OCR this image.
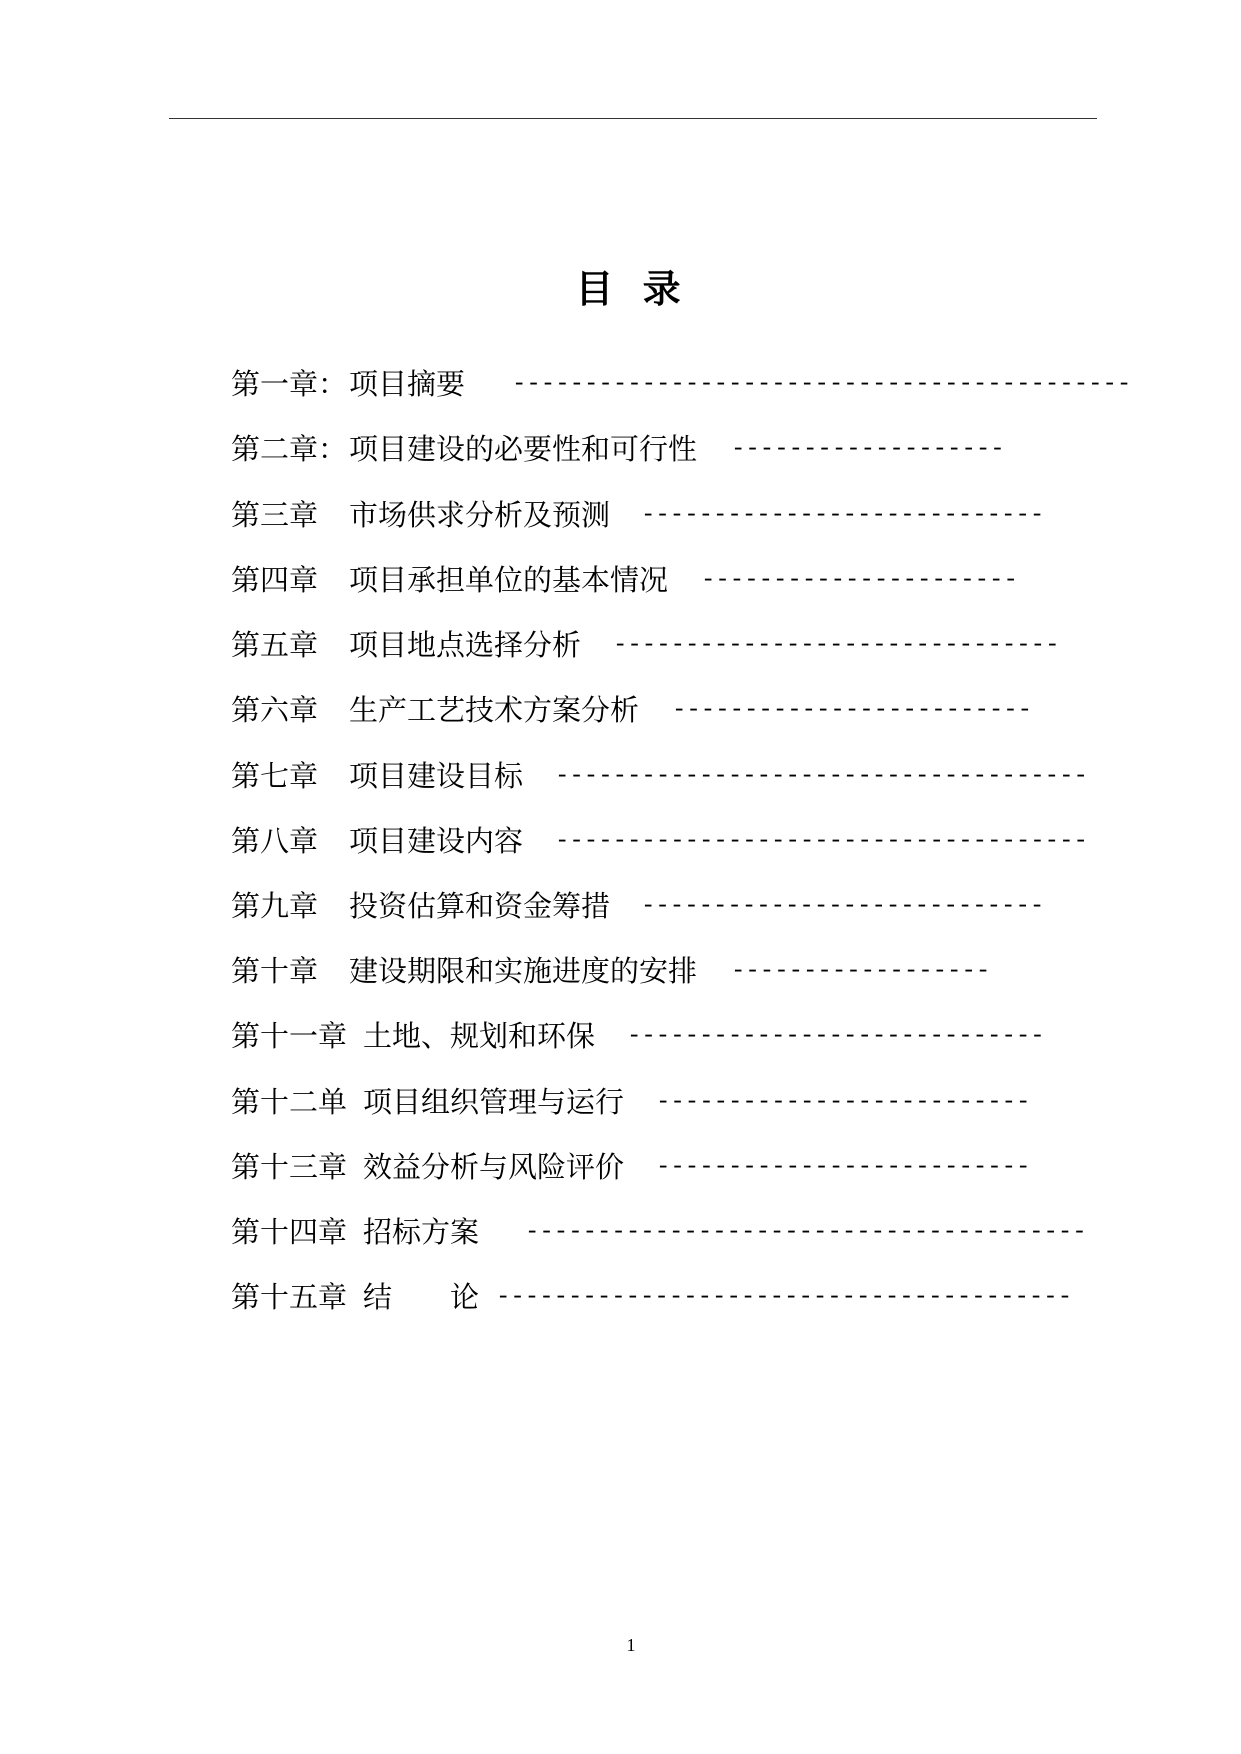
目 录
第一章： 项目摘要 -------------------------------------------
第二章： 项目建设的必要性和可行性 -------------------
第三章 市场供求分析及预测 ----------------------------
第四章 项目承担单位的基本情况 ----------------------
第五章 项目地点选择分析 -------------------------------
第六章 生产工艺技术方案分析 -------------------------
第七章 项目建设目标 -------------------------------------
第八章 项目建设内容 -------------------------------------
第九章 投资估算和资金筹措 ----------------------------
第十章 建设期限和实施进度的安排 ------------------
第十一章 土地、规划和环保 -----------------------------
第十二单 项目组织管理与运行 --------------------------
第十三章 效益分析与风险评价 --------------------------
第十四章 招标方案 ---------------------------------------
第十五章 结　　论 ----------------------------------------
1
